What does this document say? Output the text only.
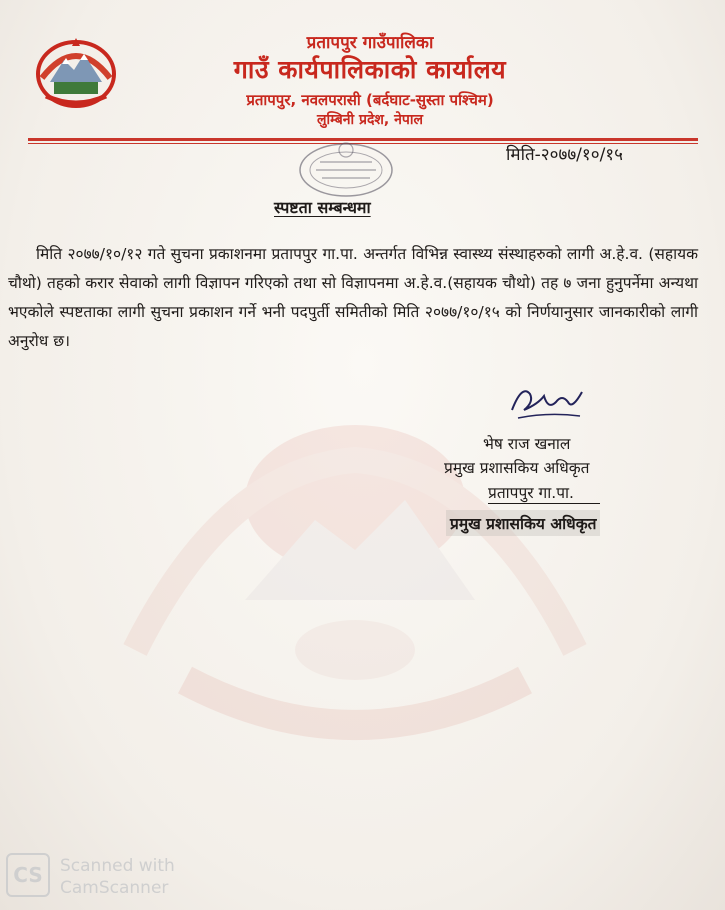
प्रतापपुर गाउँपालिका
गाउँ कार्यपालिकाको कार्यालय
प्रतापपुर, नवलपरासी (बर्दघाट-सुस्ता पश्चिम)
लुम्बिनी प्रदेश, नेपाल
मिति-२०७७/१०/१५
स्पष्टता सम्बन्धमा
मिति २०७७/१०/१२ गते सुचना प्रकाशनमा प्रतापपुर गा.पा. अन्तर्गत विभिन्न स्वास्थ्य संस्थाहरुको लागी अ.हे.व. (सहायक चौथो) तहको करार सेवाको लागी विज्ञापन गरिएको तथा सो विज्ञापनमा अ.हे.व.(सहायक चौथो) तह ७ जना हुनुपर्नेमा अन्यथा भएकोले स्पष्टताका लागी सुचना प्रकाशन गर्ने भनी पदपुर्ती समितीको मिति २०७७/१०/१५ को निर्णयानुसार जानकारीको लागी अनुरोध छ।
भेष राज खनाल
प्रमुख प्रशासकिय अधिकृत
प्रतापपुर गा.पा.
प्रमुख प्रशासकिय अधिकृत
CS	Scanned with
CamScanner
